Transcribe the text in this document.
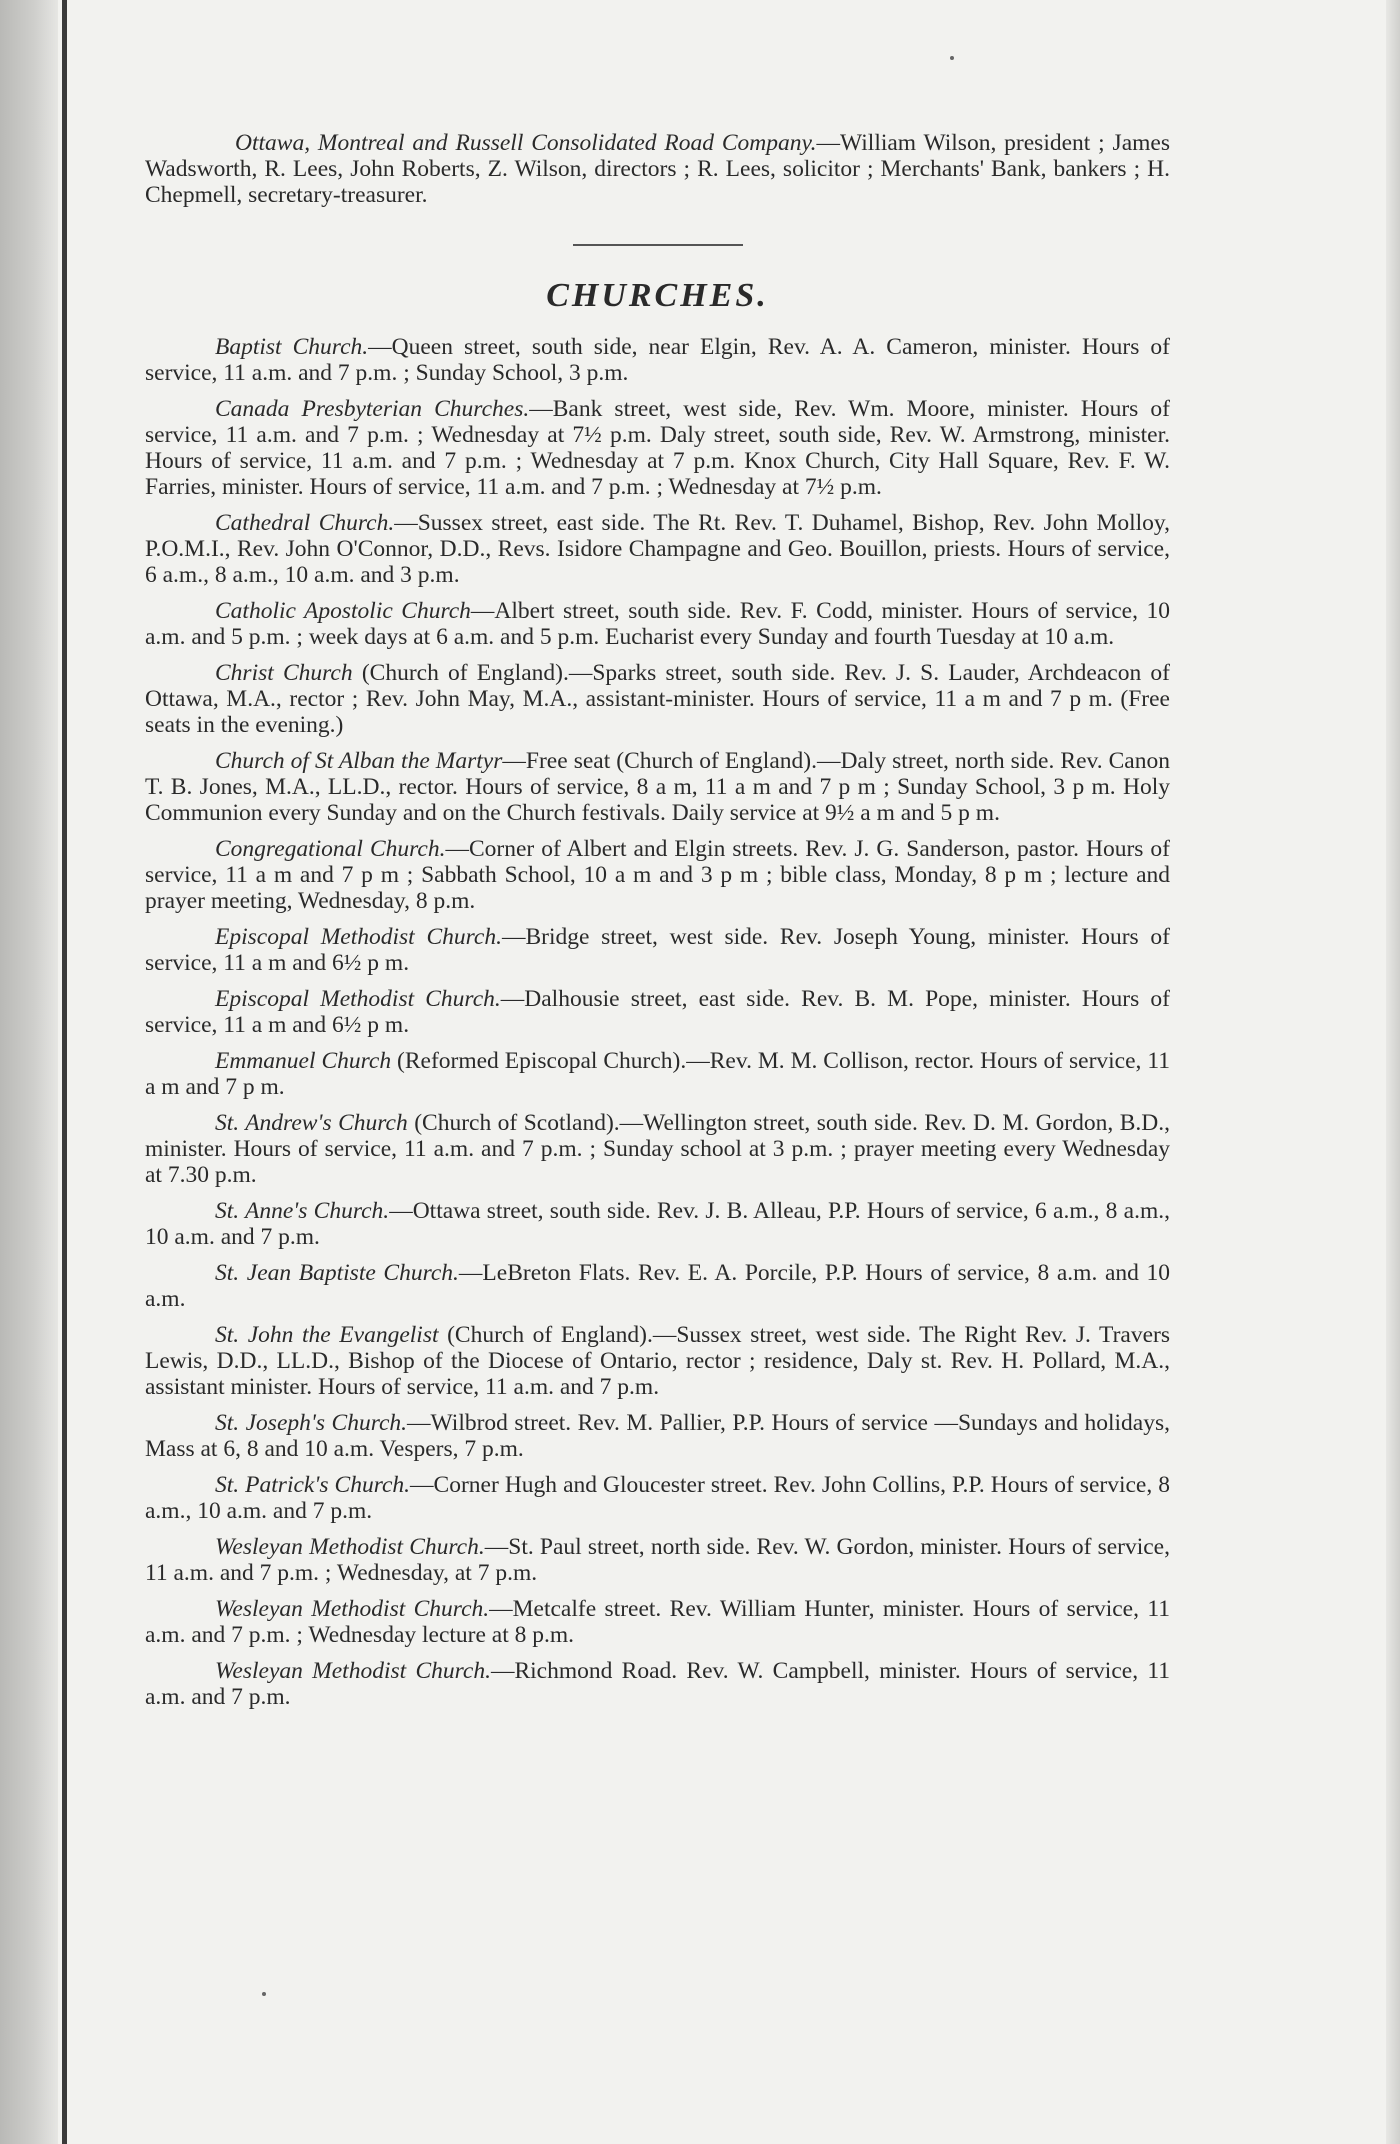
Ottawa, Montreal and Russell Consolidated Road Company.—William Wilson, president ; James Wadsworth, R. Lees, John Roberts, Z. Wilson, directors ; R. Lees, solicitor ; Merchants' Bank, bankers ; H. Chepmell, secretary-treasurer.

CHURCHES.

Baptist Church.—Queen street, south side, near Elgin, Rev. A. A. Cameron, minister. Hours of service, 11 a.m. and 7 p.m. ; Sunday School, 3 p.m.

Canada Presbyterian Churches.—Bank street, west side, Rev. Wm. Moore, minister. Hours of service, 11 a.m. and 7 p.m. ; Wednesday at 7½ p.m. Daly street, south side, Rev. W. Armstrong, minister. Hours of service, 11 a.m. and 7 p.m. ; Wednesday at 7 p.m. Knox Church, City Hall Square, Rev. F. W. Farries, minister. Hours of service, 11 a.m. and 7 p.m. ; Wednesday at 7½ p.m.

Cathedral Church.—Sussex street, east side. The Rt. Rev. T. Duhamel, Bishop, Rev. John Molloy, P.O.M.I., Rev. John O'Connor, D.D., Revs. Isidore Champagne and Geo. Bouillon, priests. Hours of service, 6 a.m., 8 a.m., 10 a.m. and 3 p.m.

Catholic Apostolic Church—Albert street, south side. Rev. F. Codd, minister. Hours of service, 10 a.m. and 5 p.m. ; week days at 6 a.m. and 5 p.m. Eucharist every Sunday and fourth Tuesday at 10 a.m.

Christ Church (Church of England).—Sparks street, south side. Rev. J. S. Lauder, Archdeacon of Ottawa, M.A., rector ; Rev. John May, M.A., assistant-minister. Hours of service, 11 a m and 7 p m. (Free seats in the evening.)

Church of St Alban the Martyr—Free seat (Church of England).—Daly street, north side. Rev. Canon T. B. Jones, M.A., LL.D., rector. Hours of service, 8 a m, 11 a m and 7 p m ; Sunday School, 3 p m. Holy Communion every Sunday and on the Church festivals. Daily service at 9½ a m and 5 p m.

Congregational Church.—Corner of Albert and Elgin streets. Rev. J. G. Sanderson, pastor. Hours of service, 11 a m and 7 p m ; Sabbath School, 10 a m and 3 p m ; bible class, Monday, 8 p m ; lecture and prayer meeting, Wednesday, 8 p.m.

Episcopal Methodist Church.—Bridge street, west side. Rev. Joseph Young, minister. Hours of service, 11 a m and 6½ p m.

Episcopal Methodist Church.—Dalhousie street, east side. Rev. B. M. Pope, minister. Hours of service, 11 a m and 6½ p m.

Emmanuel Church (Reformed Episcopal Church).—Rev. M. M. Collison, rector. Hours of service, 11 a m and 7 p m.

St. Andrew's Church (Church of Scotland).—Wellington street, south side. Rev. D. M. Gordon, B.D., minister. Hours of service, 11 a.m. and 7 p.m. ; Sunday school at 3 p.m. ; prayer meeting every Wednesday at 7.30 p.m.

St. Anne's Church.—Ottawa street, south side. Rev. J. B. Alleau, P.P. Hours of service, 6 a.m., 8 a.m., 10 a.m. and 7 p.m.

St. Jean Baptiste Church.—LeBreton Flats. Rev. E. A. Porcile, P.P. Hours of service, 8 a.m. and 10 a.m.

St. John the Evangelist (Church of England).—Sussex street, west side. The Right Rev. J. Travers Lewis, D.D., LL.D., Bishop of the Diocese of Ontario, rector ; residence, Daly st. Rev. H. Pollard, M.A., assistant minister. Hours of service, 11 a.m. and 7 p.m.

St. Joseph's Church.—Wilbrod street. Rev. M. Pallier, P.P. Hours of service —Sundays and holidays, Mass at 6, 8 and 10 a.m. Vespers, 7 p.m.

St. Patrick's Church.—Corner Hugh and Gloucester street. Rev. John Collins, P.P. Hours of service, 8 a.m., 10 a.m. and 7 p.m.

Wesleyan Methodist Church.—St. Paul street, north side. Rev. W. Gordon, minister. Hours of service, 11 a.m. and 7 p.m. ; Wednesday, at 7 p.m.

Wesleyan Methodist Church.—Metcalfe street. Rev. William Hunter, minister. Hours of service, 11 a.m. and 7 p.m. ; Wednesday lecture at 8 p.m.

Wesleyan Methodist Church.—Richmond Road. Rev. W. Campbell, minister. Hours of service, 11 a.m. and 7 p.m.
